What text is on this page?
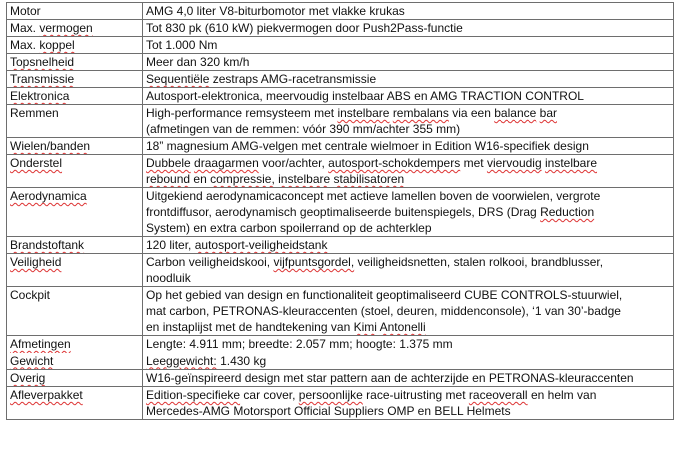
Motor	AMG 4,0 liter V8-biturbomotor met vlakke krukas

Max. vermogen	Tot 830 pk (610 kW) piekvermogen door Push2Pass-functie

Max. koppel	Tot 1.000 Nm

Topsnelheid	Meer dan 320 km/h

Transmissie	Sequentiële zestraps AMG-racetransmissie

Elektronica	Autosport-elektronica, meervoudig instelbaar ABS en AMG TRACTION CONTROL

Remmen	High-performance remsysteem met instelbare rembalans via een balance bar
(afmetingen van de remmen: vóór 390 mm/achter 355 mm)

Wielen/banden	18” magnesium AMG-velgen met centrale wielmoer in Edition W16-specifiek design

Onderstel	Dubbele draagarmen voor/achter, autosport-schokdempers met viervoudig instelbare
rebound en compressie, instelbare stabilisatoren

Aerodynamica	Uitgekiend aerodynamicaconcept met actieve lamellen boven de voorwielen, vergrote
frontdiffusor, aerodynamisch geoptimaliseerde buitenspiegels, DRS (Drag Reduction
System) en extra carbon spoilerrand op de achterklep

Brandstoftank	120 liter, autosport-veiligheidstank

Veiligheid	Carbon veiligheidskooi, vijfpuntsgordel, veiligheidsnetten, stalen rolkooi, brandblusser,
noodluik

Cockpit	Op het gebied van design en functionaliteit geoptimaliseerd CUBE CONTROLS-stuurwiel,
mat carbon, PETRONAS-kleuraccenten (stoel, deuren, middenconsole), ‘1 van 30’-badge
en instaplijst met de handtekening van Kimi Antonelli

Afmetingen	Lengte: 4.911 mm; breedte: 2.057 mm; hoogte: 1.375 mm

Gewicht	Leeggewicht: 1.430 kg

Overig	W16-geïnspireerd design met star pattern aan de achterzijde en PETRONAS-kleuraccenten

Afleverpakket	Edition-specifieke car cover, persoonlijke race-uitrusting met raceoverall en helm van
Mercedes-AMG Motorsport Official Suppliers OMP en BELL Helmets
